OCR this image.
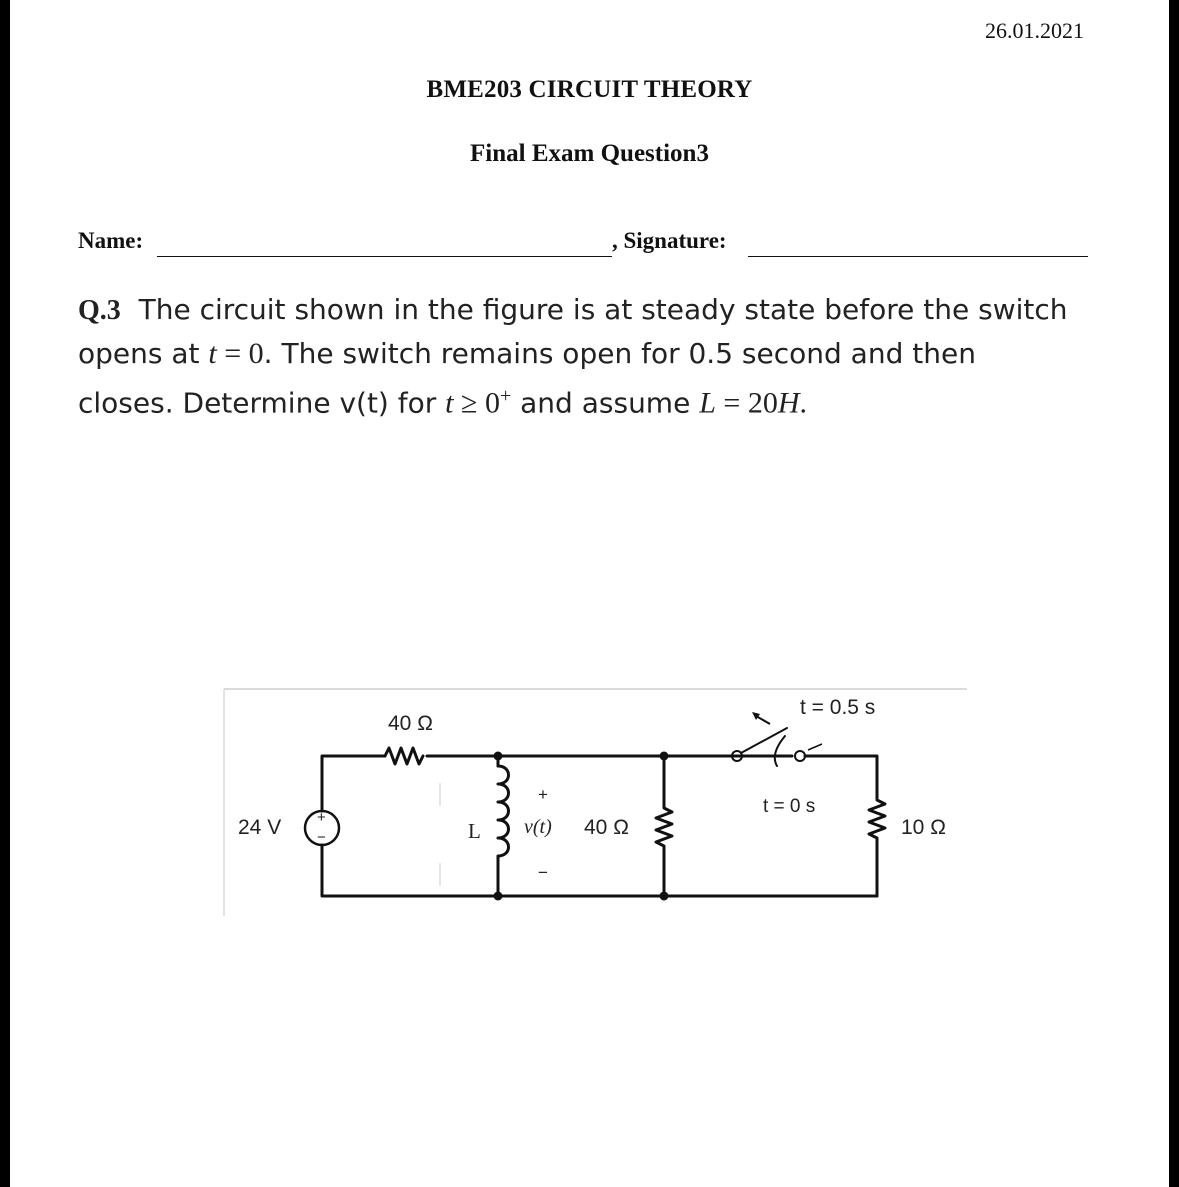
26.01.2021
BME203 CIRCUIT THEORY
Final Exam Question3
Name:	, Signature:
Q.3 The circuit shown in the figure is at steady state before the switch
opens at t = 0. The switch remains open for 0.5 second and then
closes. Determine v(t) for t ≥ 0+ and assume L = 20H.
40 Ω
24 V +
−	L
+
v(t)
−
40 Ω
t = 0.5 s
t = 0 s
10 Ω
